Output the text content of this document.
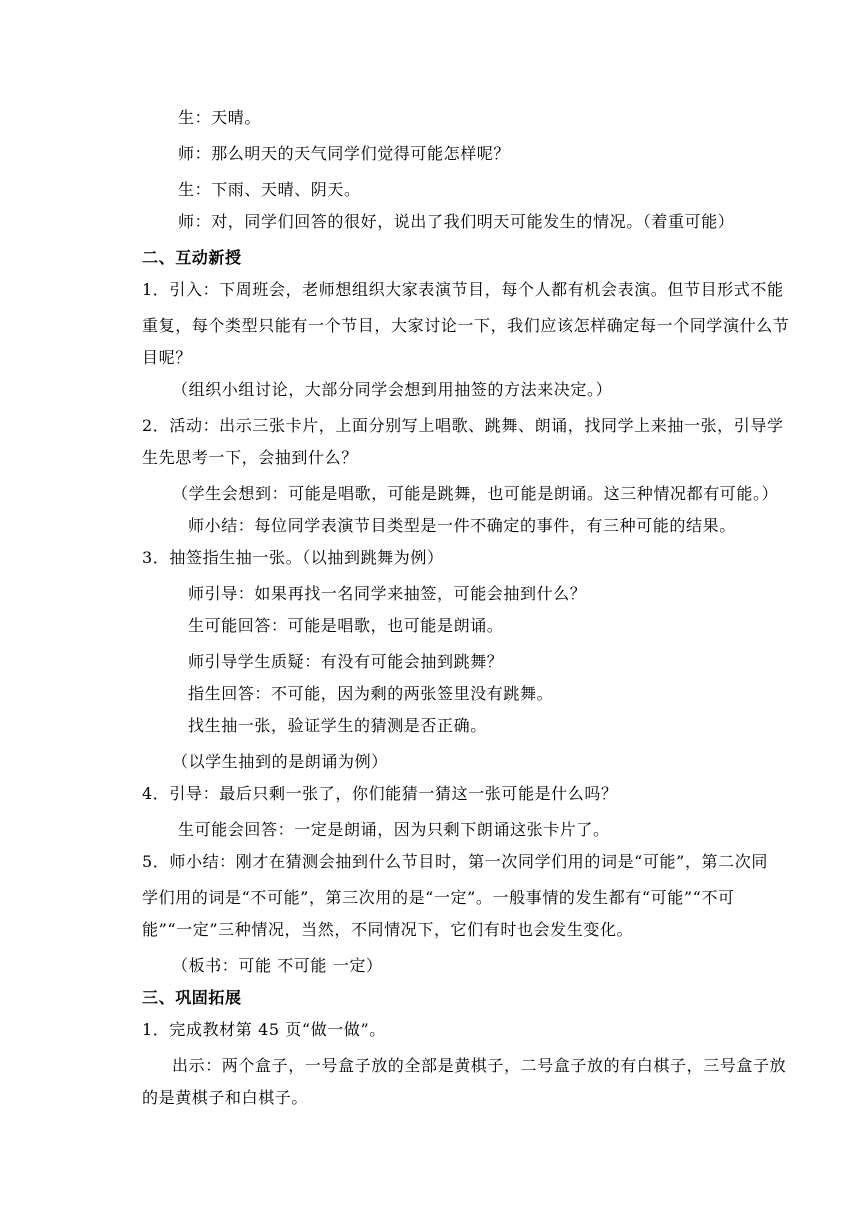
生：天晴。
师：那么明天的天气同学们觉得可能怎样呢？
生：下雨、天晴、阴天。
师：对，同学们回答的很好，说出了我们明天可能发生的情况。（着重可能）
二、互动新授
1．引入：下周班会，老师想组织大家表演节目，每个人都有机会表演。但节目形式不能
重复，每个类型只能有一个节目，大家讨论一下，我们应该怎样确定每一个同学演什么节
目呢？
（组织小组讨论，大部分同学会想到用抽签的方法来决定。）
2．活动：出示三张卡片，上面分别写上唱歌、跳舞、朗诵，找同学上来抽一张，引导学
生先思考一下，会抽到什么？
（学生会想到：可能是唱歌，可能是跳舞，也可能是朗诵。这三种情况都有可能。）
师小结：每位同学表演节目类型是一件不确定的事件，有三种可能的结果。
3．抽签指生抽一张。（以抽到跳舞为例）
师引导：如果再找一名同学来抽签，可能会抽到什么？
生可能回答：可能是唱歌，也可能是朗诵。
师引导学生质疑：有没有可能会抽到跳舞？
指生回答：不可能，因为剩的两张签里没有跳舞。
找生抽一张，验证学生的猜测是否正确。
（以学生抽到的是朗诵为例）
4．引导：最后只剩一张了，你们能猜一猜这一张可能是什么吗？
生可能会回答：一定是朗诵，因为只剩下朗诵这张卡片了。
5．师小结：刚才在猜测会抽到什么节目时，第一次同学们用的词是“可能”，第二次同
学们用的词是“不可能”，第三次用的是“一定”。一般事情的发生都有“可能”“不可
能”“一定”三种情况，当然，不同情况下，它们有时也会发生变化。
（板书：可能 不可能 一定）
三、巩固拓展
1．完成教材第 45 页“做一做”。
出示：两个盒子，一号盒子放的全部是黄棋子，二号盒子放的有白棋子，三号盒子放
的是黄棋子和白棋子。
